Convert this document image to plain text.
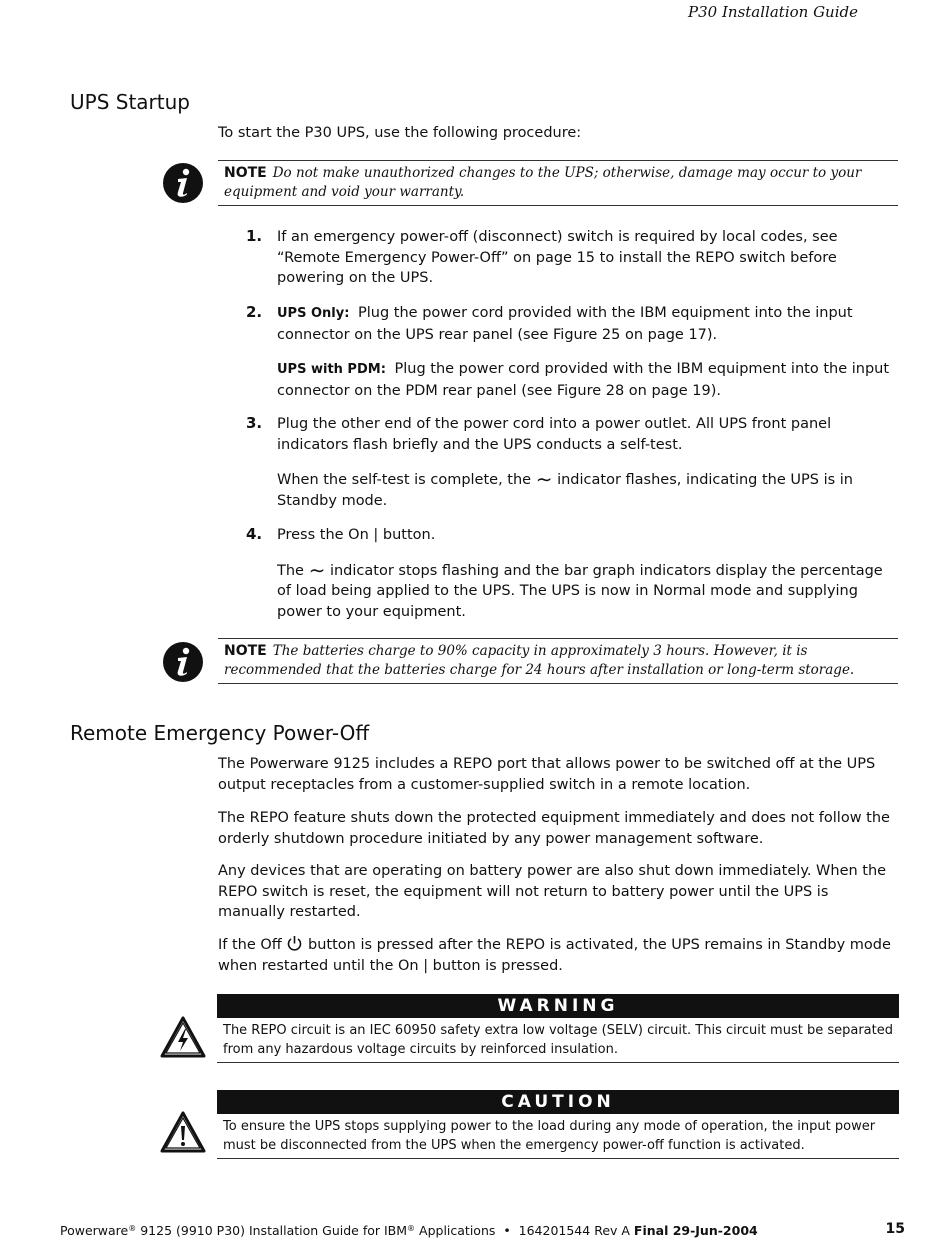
P30 Installation Guide
UPS Startup

To start the P30 UPS, use the following procedure:

NOTE Do not make unauthorized changes to the UPS; otherwise, damage may occur to your equipment and void your warranty.
1. If an emergency power-off (disconnect) switch is required by local codes, see “Remote Emergency Power-Off” on page 15 to install the REPO switch before powering on the UPS.
2. UPS Only: Plug the power cord provided with the IBM equipment into the input connector on the UPS rear panel (see Figure 25 on page 17).
UPS with PDM: Plug the power cord provided with the IBM equipment into the input connector on the PDM rear panel (see Figure 28 on page 19).
3. Plug the other end of the power cord into a power outlet. All UPS front panel indicators flash briefly and the UPS conducts a self-test.
When the self-test is complete, the ∼ indicator flashes, indicating the UPS is in Standby mode.
4. Press the On | button.
The ∼ indicator stops flashing and the bar graph indicators display the percentage of load being applied to the UPS. The UPS is now in Normal mode and supplying power to your equipment.
NOTE The batteries charge to 90% capacity in approximately 3 hours. However, it is recommended that the batteries charge for 24 hours after installation or long-term storage.
Remote Emergency Power-Off

The Powerware 9125 includes a REPO port that allows power to be switched off at the UPS output receptacles from a customer-supplied switch in a remote location.

The REPO feature shuts down the protected equipment immediately and does not follow the orderly shutdown procedure initiated by any power management software.

Any devices that are operating on battery power are also shut down immediately. When the REPO switch is reset, the equipment will not return to battery power until the UPS is manually restarted.

If the Off button is pressed after the REPO is activated, the UPS remains in Standby mode when restarted until the On | button is pressed.

WARNING
The REPO circuit is an IEC 60950 safety extra low voltage (SELV) circuit. This circuit must be separated from any hazardous voltage circuits by reinforced insulation.
CAUTION
To ensure the UPS stops supplying power to the load during any mode of operation, the input power must be disconnected from the UPS when the emergency power-off function is activated.
Powerware® 9125 (9910 P30) Installation Guide for IBM® Applications  •  164201544 Rev A Final 29-Jun-2004	15
